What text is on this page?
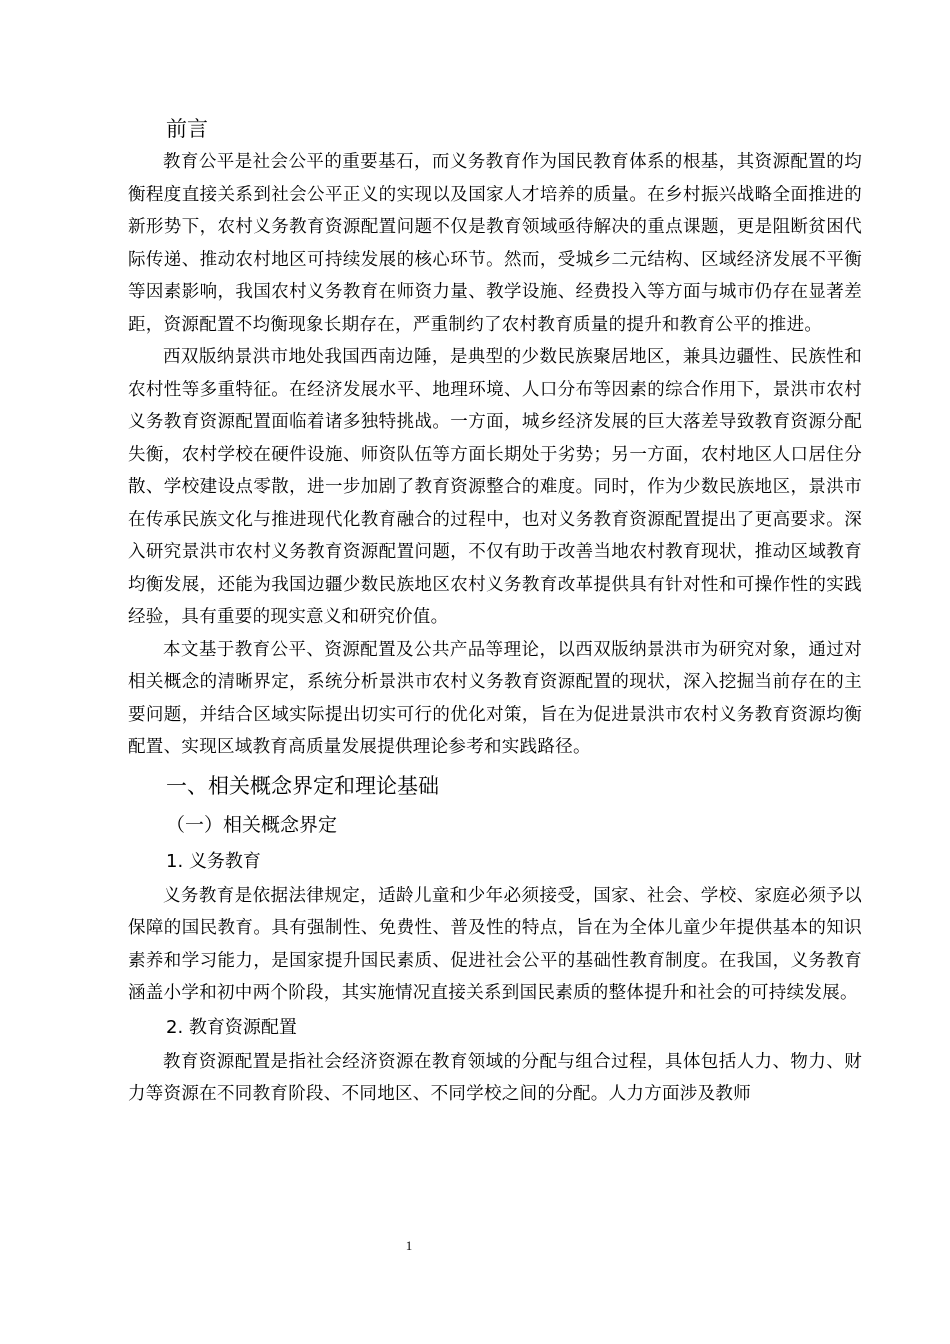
前言

教育公平是社会公平的重要基石，而义务教育作为国民教育体系的根基，其资源配置的均衡程度直接关系到社会公平正义的实现以及国家人才培养的质量。在乡村振兴战略全面推进的新形势下，农村义务教育资源配置问题不仅是教育领域亟待解决的重点课题，更是阻断贫困代际传递、推动农村地区可持续发展的核心环节。然而，受城乡二元结构、区域经济发展不平衡等因素影响，我国农村义务教育在师资力量、教学设施、经费投入等方面与城市仍存在显著差距，资源配置不均衡现象长期存在，严重制约了农村教育质量的提升和教育公平的推进。

西双版纳景洪市地处我国西南边陲，是典型的少数民族聚居地区，兼具边疆性、民族性和农村性等多重特征。在经济发展水平、地理环境、人口分布等因素的综合作用下，景洪市农村义务教育资源配置面临着诸多独特挑战。一方面，城乡经济发展的巨大落差导致教育资源分配失衡，农村学校在硬件设施、师资队伍等方面长期处于劣势；另一方面，农村地区人口居住分散、学校建设点零散，进一步加剧了教育资源整合的难度。同时，作为少数民族地区，景洪市在传承民族文化与推进现代化教育融合的过程中，也对义务教育资源配置提出了更高要求。深入研究景洪市农村义务教育资源配置问题，不仅有助于改善当地农村教育现状，推动区域教育均衡发展，还能为我国边疆少数民族地区农村义务教育改革提供具有针对性和可操作性的实践经验，具有重要的现实意义和研究价值。

本文基于教育公平、资源配置及公共产品等理论，以西双版纳景洪市为研究对象，通过对相关概念的清晰界定，系统分析景洪市农村义务教育资源配置的现状，深入挖掘当前存在的主要问题，并结合区域实际提出切实可行的优化对策，旨在为促进景洪市农村义务教育资源均衡配置、实现区域教育高质量发展提供理论参考和实践路径。

一、相关概念界定和理论基础
（一）相关概念界定
1. 义务教育

义务教育是依据法律规定，适龄儿童和少年必须接受，国家、社会、学校、家庭必须予以保障的国民教育。具有强制性、免费性、普及性的特点，旨在为全体儿童少年提供基本的知识素养和学习能力，是国家提升国民素质、促进社会公平的基础性教育制度。在我国，义务教育涵盖小学和初中两个阶段，其实施情况直接关系到国民素质的整体提升和社会的可持续发展。

2. 教育资源配置

教育资源配置是指社会经济资源在教育领域的分配与组合过程，具体包括人力、物力、财力等资源在不同教育阶段、不同地区、不同学校之间的分配。人力方面涉及教师

1
